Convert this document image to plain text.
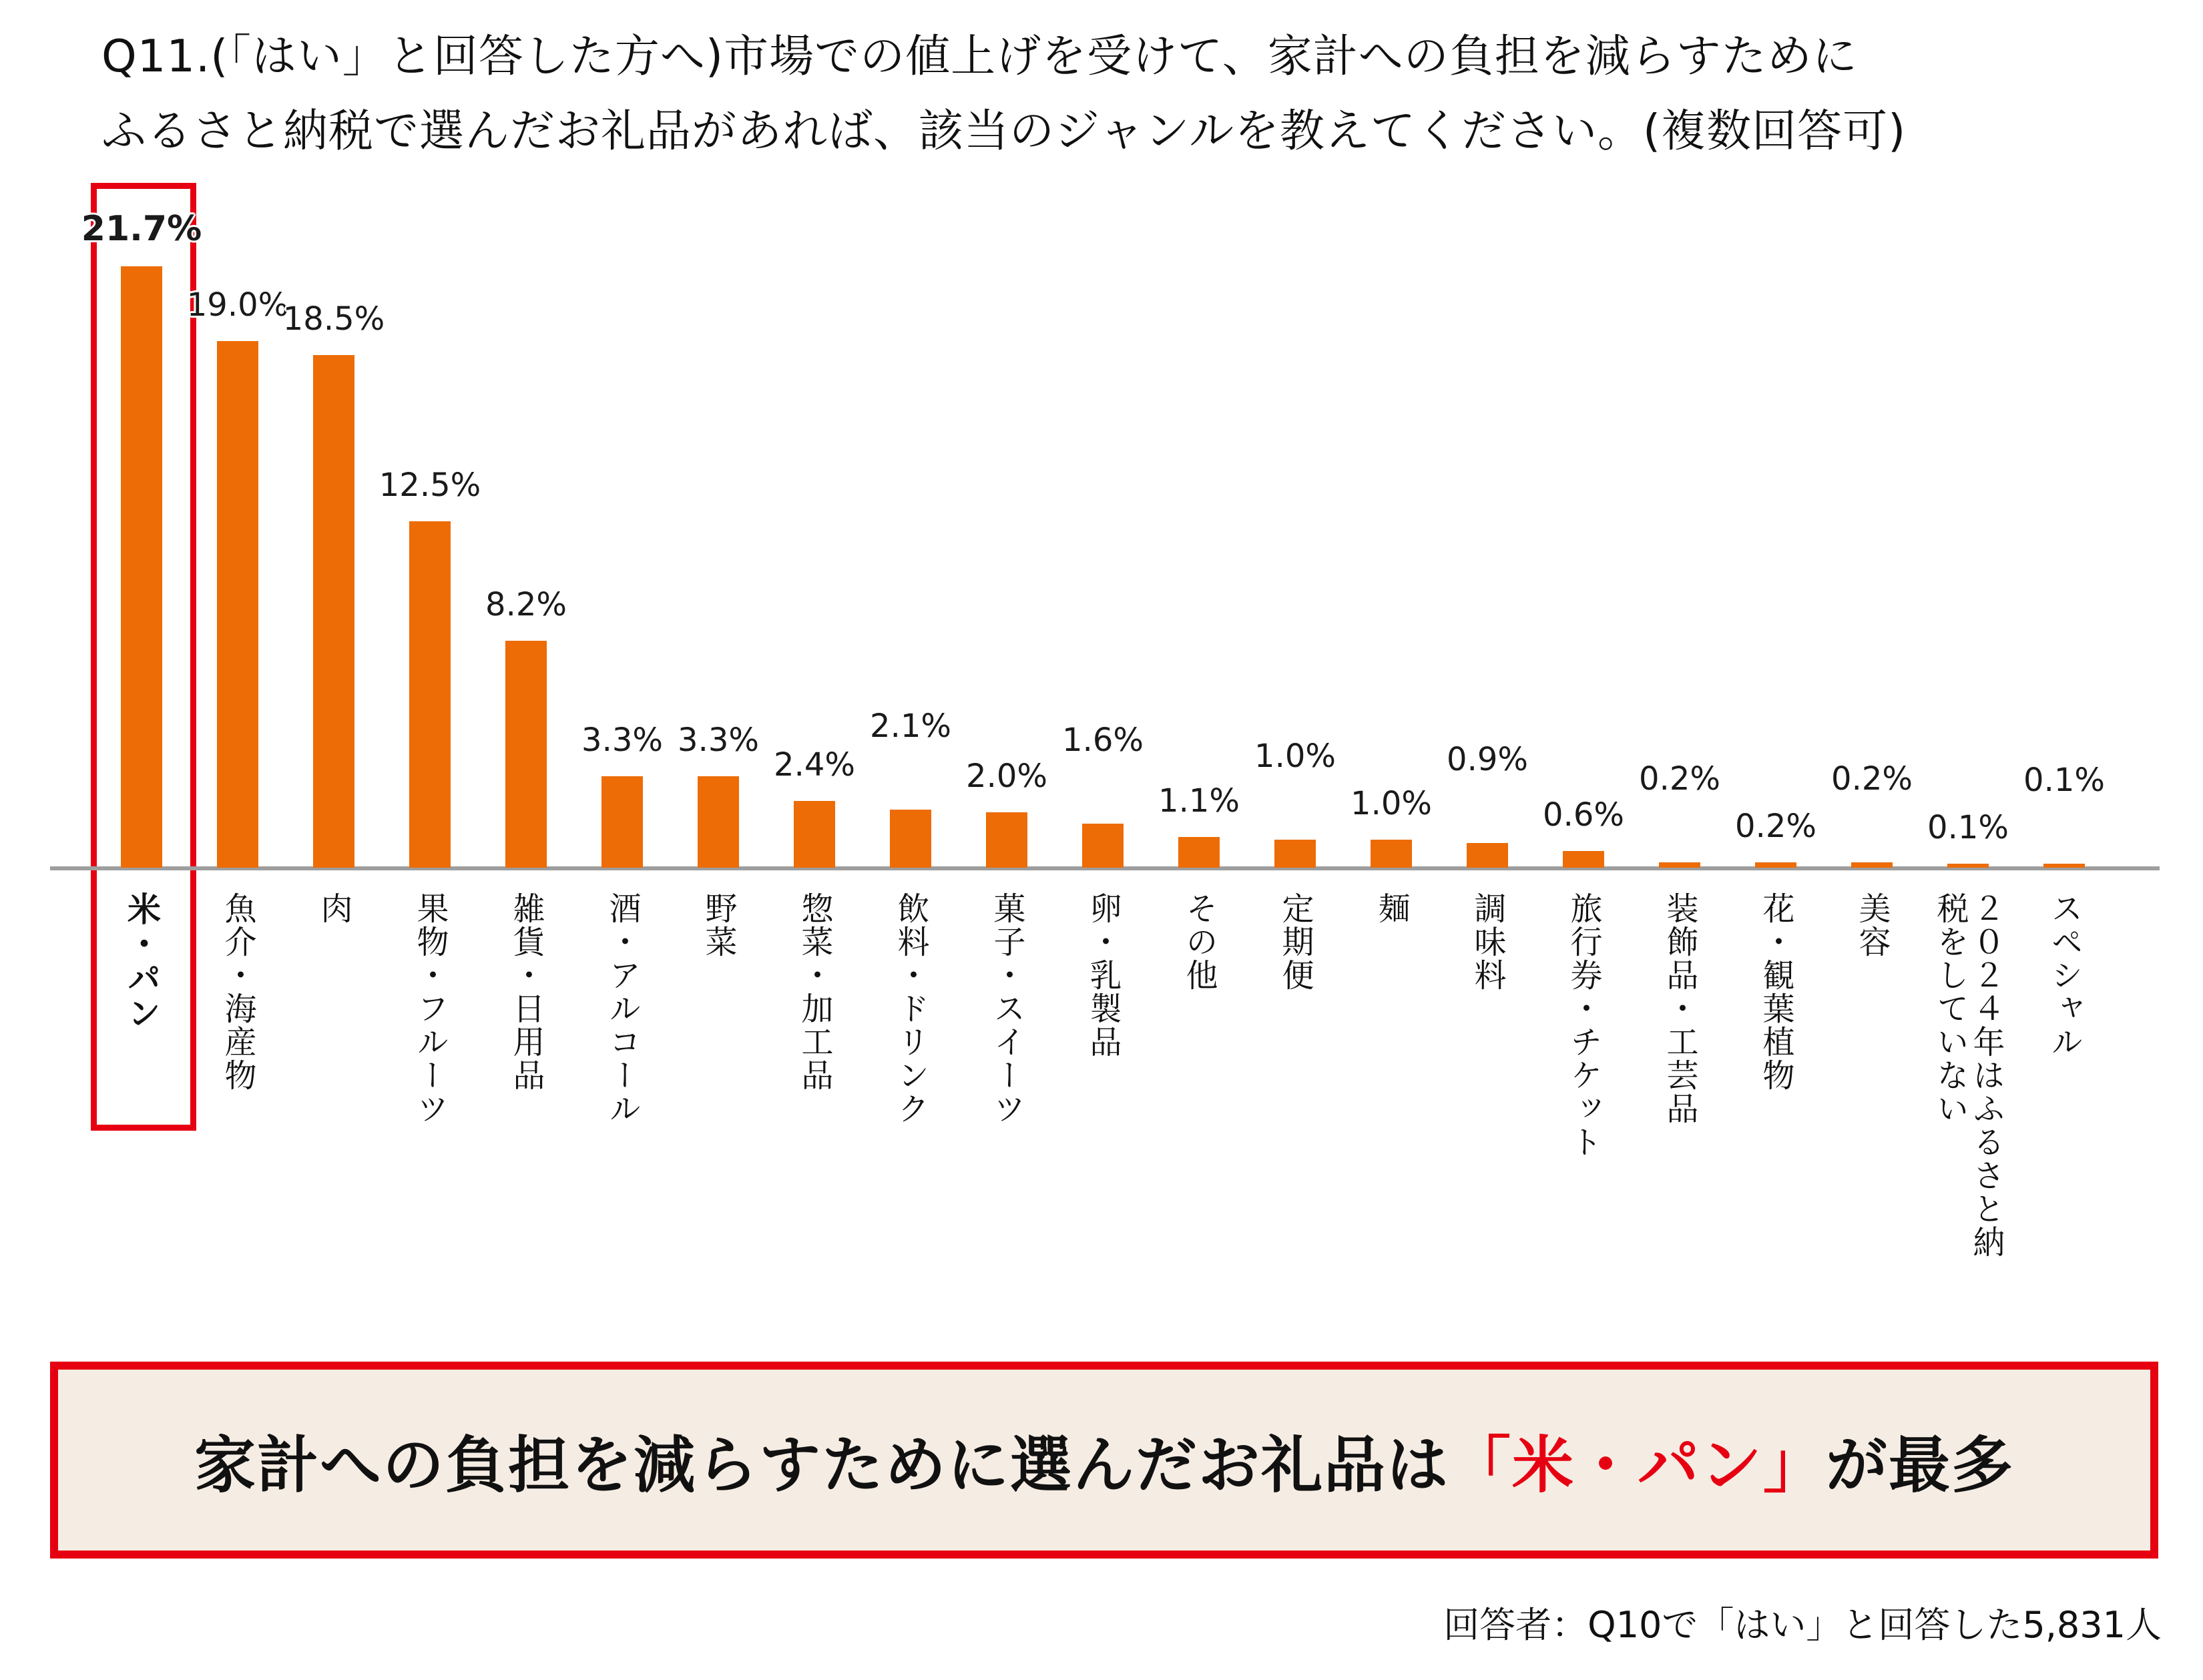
Q11.(「はい」と回答した方へ)市場での値上げを受けて、家計への負担を減らすために
ふるさと納税で選んだお礼品があれば、該当のジャンルを教えてください。(複数回答可)
21.7%
米・パン
19.0%
魚介・海産物
18.5%
肉
12.5%
果物・フルーツ
8.2%
雑貨・日用品
3.3%
酒・アルコール
3.3%
野菜
2.4%
惣菜・加工品
2.1%
飲料・ドリンク
2.0%
菓子・スイーツ
1.6%
卵・乳製品
1.1%
その他
1.0%
定期便
1.0%
麺
0.9%
調味料
0.6%
旅行券・チケット
0.2%
装飾品・工芸品
0.2%
花・観葉植物
0.2%
美容
0.1%
２０２４年はふるさと納税をしていない
0.1%
スペシャル
家計への負担を減らすために選んだお礼品は「米・パン」が最多
回答者：Q10で「はい」と回答した5,831人
